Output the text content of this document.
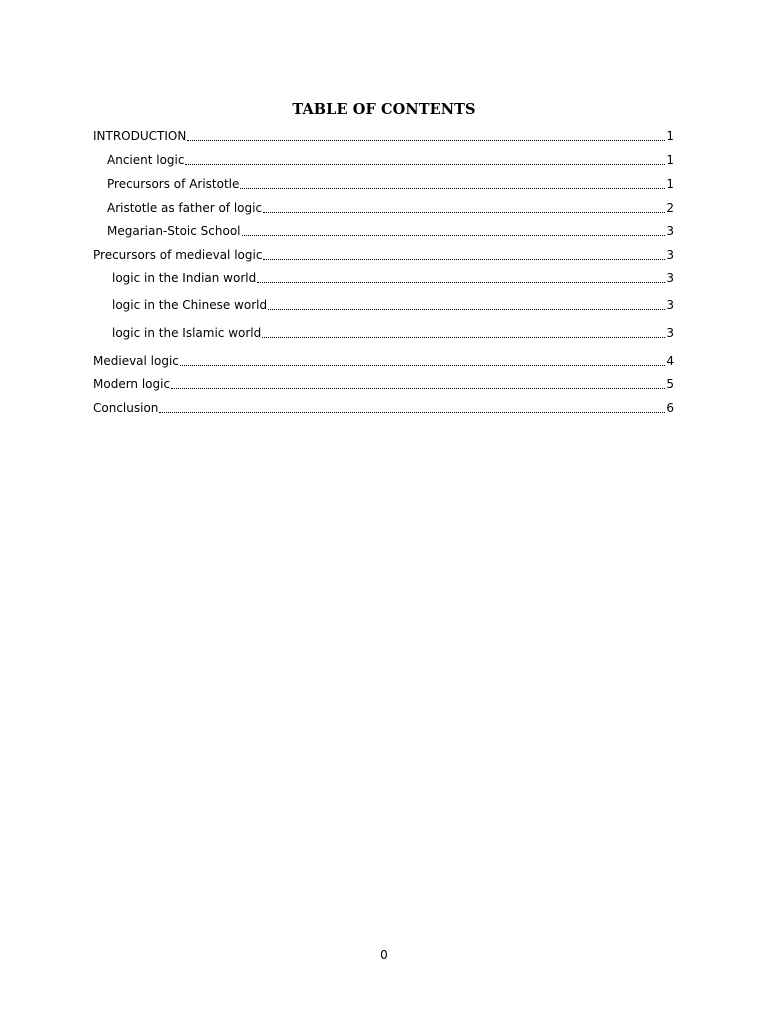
TABLE OF CONTENTS
INTRODUCTION	1
Ancient logic	1
Precursors of Aristotle	1
Aristotle as father of logic	2
Megarian-Stoic School	3
Precursors of medieval logic	3
logic in the Indian world	3
logic in the Chinese world	3
logic in the Islamic world	3
Medieval logic	4
Modern logic	5
Conclusion	6
0
